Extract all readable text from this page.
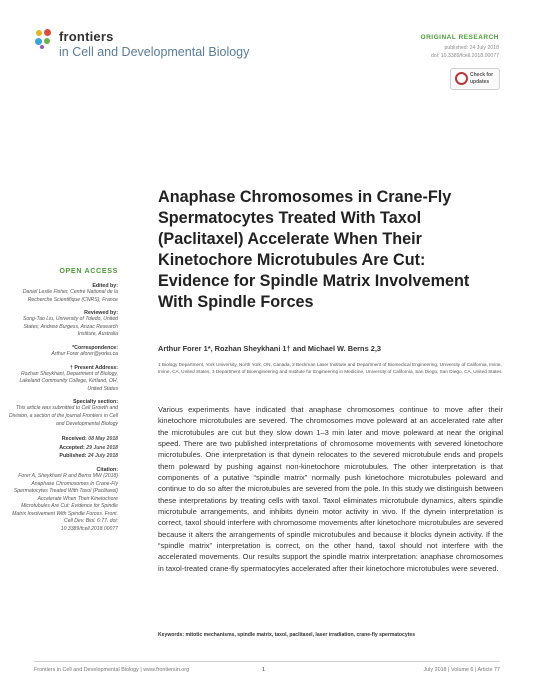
frontiers
in Cell and Developmental Biology
ORIGINAL RESEARCH
published: 24 July 2018
doi: 10.3389/fcell.2018.00077
Check for
updates
Anaphase Chromosomes in Crane-Fly Spermatocytes Treated With Taxol (Paclitaxel) Accelerate When Their Kinetochore Microtubules Are Cut: Evidence for Spindle Matrix Involvement With Spindle Forces
Arthur Forer 1*, Rozhan Sheykhani 1† and Michael W. Berns 2,3
1 Biology Department, York University, North York, ON, Canada, 2 Beckman Laser Institute and Department of Biomedical Engineering, University of California, Irvine, Irvine, CA, United States, 3 Department of Bioengineering and Institute for Engineering in Medicine, University of California, San Diego, San Diego, CA, United States
Various experiments have indicated that anaphase chromosomes continue to move after their kinetochore microtubules are severed. The chromosomes move poleward at an accelerated rate after the microtubules are cut but they slow down 1–3 min later and move poleward at near the original speed. There are two published interpretations of chromosome movements with severed kinetochore microtubules. One interpretation is that dynein relocates to the severed microtubule ends and propels them poleward by pushing against non-kinetochore microtubules. The other interpretation is that components of a putative “spindle matrix” normally push kinetochore microtubules poleward and continue to do so after the microtubules are severed from the pole. In this study we distinguish between these interpretations by treating cells with taxol. Taxol eliminates microtubule dynamics, alters spindle microtubule arrangements, and inhibits dynein motor activity in vivo. If the dynein interpretation is correct, taxol should interfere with chromosome movements after kinetochore microtubules are severed because it alters the arrangements of spindle microtubules and because it blocks dynein activity. If the “spindle matrix” interpretation is correct, on the other hand, taxol should not interfere with the accelerated movements. Our results support the spindle matrix interpretation: anaphase chromosomes in taxol-treated crane-fly spermatocytes accelerated after their kinetochore microtubules were severed.
Keywords: mitotic mechanisms, spindle matrix, taxol, paclitaxel, laser irradiation, crane-fly spermatocytes
OPEN ACCESS
Edited by:
Daniel Lesile Fisher, Centre National de la Recherche Scientifique (CNRS), France
Reviewed by:
Song-Tao Liu, University of Toledo, United States; Andrew Burgess, Anzac Research Institute, Australia
*Correspondence:
Arthur Forer aforer@yorku.ca
† Present Address:
Rozhan Sheykhani, Department of Biology, Lakeland Community College, Kirtland, OH, United States
Specialty section:
This article was submitted to Cell Growth and Division, a section of the journal Frontiers in Cell and Developmental Biology
Received: 08 May 2018
Accepted: 29 June 2018
Published: 24 July 2018
Citation:
Forer A, Sheykhani R and Berns MW (2018) Anaphase Chromosomes in Crane-Fly Spermatocytes Treated With Taxol (Paclitaxel) Accelerate When Their Kinetochore Microtubules Are Cut: Evidence for Spindle Matrix Involvement With Spindle Forces. Front. Cell Dev. Biol. 6:77. doi: 10.3389/fcell.2018.00077
Frontiers in Cell and Developmental Biology | www.frontiersin.org	1	July 2018 | Volume 6 | Article 77
